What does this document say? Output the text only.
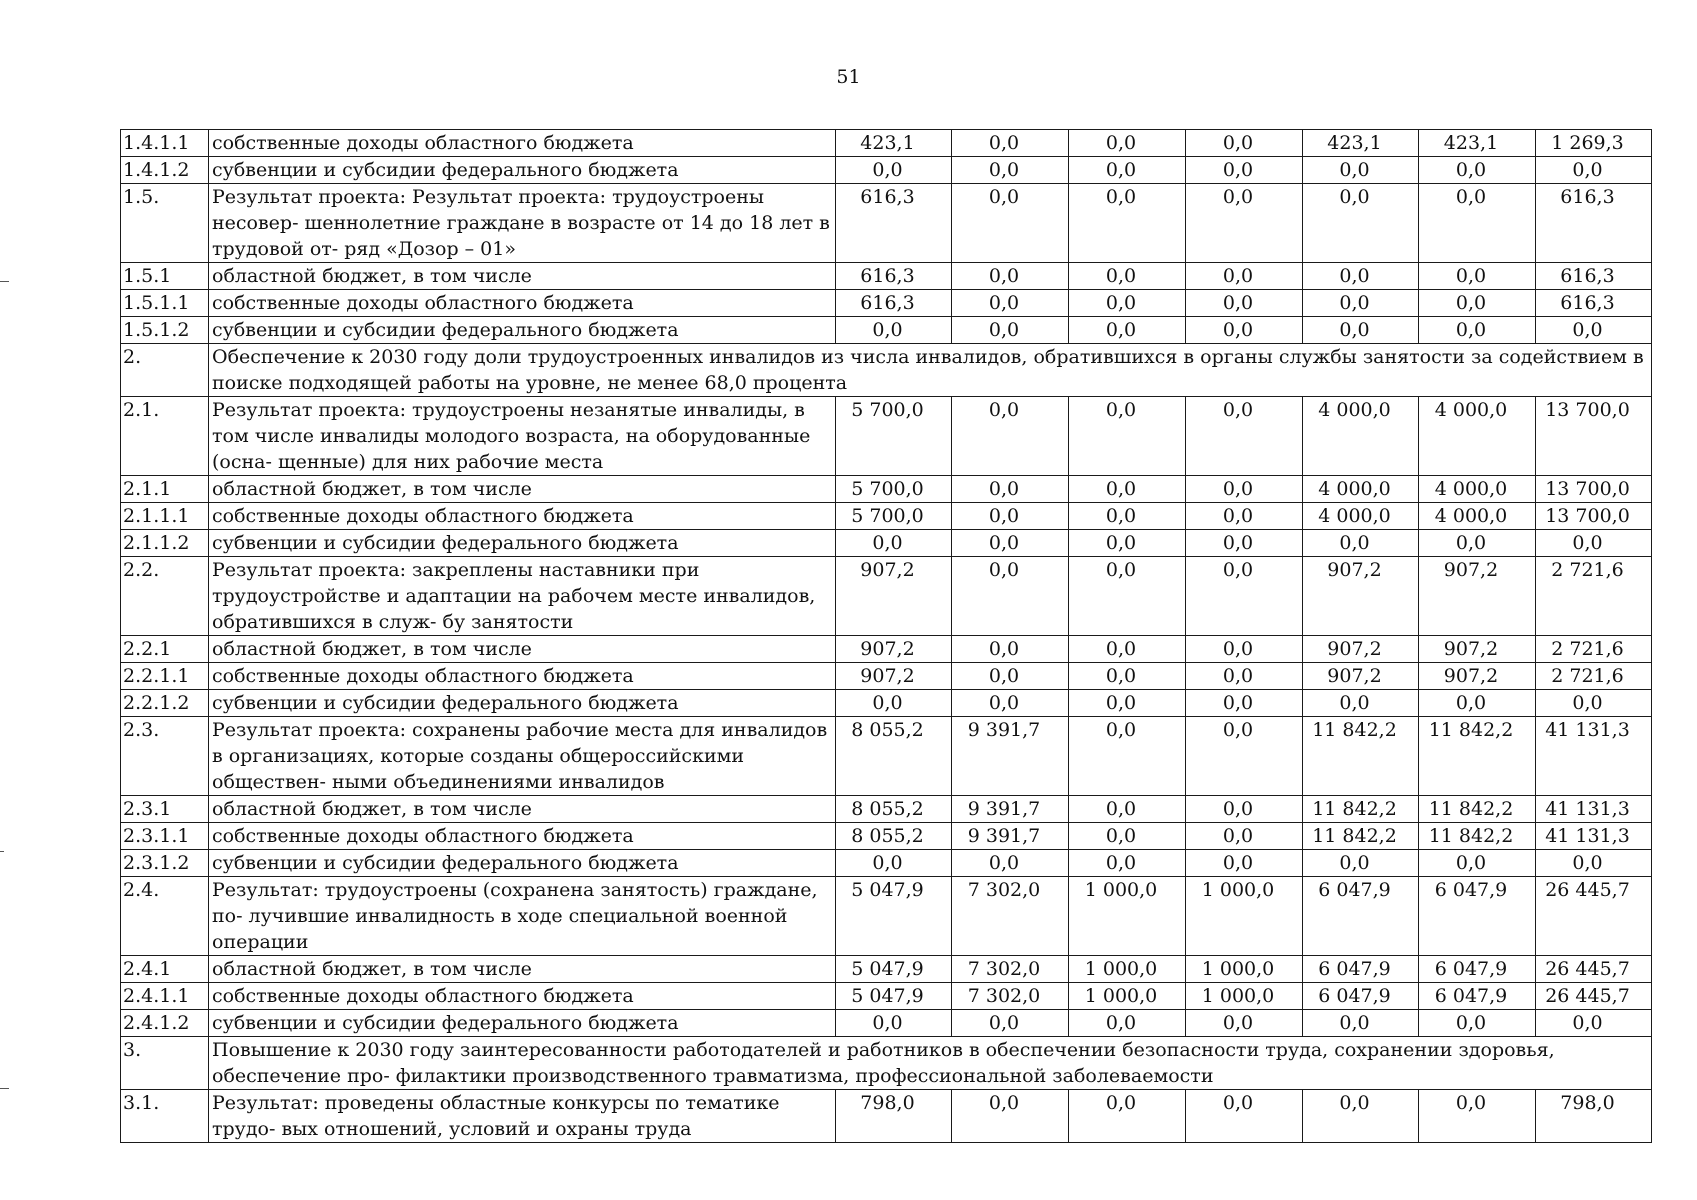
51
1.4.1.1	собственные доходы областного бюджета	423,1	0,0	0,0	0,0	423,1	423,1	1 269,3
1.4.1.2	субвенции и субсидии федерального бюджета	0,0	0,0	0,0	0,0	0,0	0,0	0,0
1.5.	Результат проекта: Результат проекта: трудоустроены несовер- шеннолетние граждане в возрасте от 14 до 18 лет в трудовой от- ряд «Дозор – 01»	616,3	0,0	0,0	0,0	0,0	0,0	616,3
1.5.1	областной бюджет, в том числе	616,3	0,0	0,0	0,0	0,0	0,0	616,3
1.5.1.1	собственные доходы областного бюджета	616,3	0,0	0,0	0,0	0,0	0,0	616,3
1.5.1.2	субвенции и субсидии федерального бюджета	0,0	0,0	0,0	0,0	0,0	0,0	0,0
2.	Обеспечение к 2030 году доли трудоустроенных инвалидов из числа инвалидов, обратившихся в органы службы занятости за содействием в поиске подходящей работы на уровне, не менее 68,0 процента							
2.1.	Результат проекта: трудоустроены незанятые инвалиды, в том числе инвалиды молодого возраста, на оборудованные (осна- щенные) для них рабочие места	5 700,0	0,0	0,0	0,0	4 000,0	4 000,0	13 700,0
2.1.1	областной бюджет, в том числе	5 700,0	0,0	0,0	0,0	4 000,0	4 000,0	13 700,0
2.1.1.1	собственные доходы областного бюджета	5 700,0	0,0	0,0	0,0	4 000,0	4 000,0	13 700,0
2.1.1.2	субвенции и субсидии федерального бюджета	0,0	0,0	0,0	0,0	0,0	0,0	0,0
2.2.	Результат проекта: закреплены наставники при трудоустройстве и адаптации на рабочем месте инвалидов, обратившихся в служ- бу занятости	907,2	0,0	0,0	0,0	907,2	907,2	2 721,6
2.2.1	областной бюджет, в том числе	907,2	0,0	0,0	0,0	907,2	907,2	2 721,6
2.2.1.1	собственные доходы областного бюджета	907,2	0,0	0,0	0,0	907,2	907,2	2 721,6
2.2.1.2	субвенции и субсидии федерального бюджета	0,0	0,0	0,0	0,0	0,0	0,0	0,0
2.3.	Результат проекта: сохранены рабочие места для инвалидов в организациях, которые созданы общероссийскими обществен- ными объединениями инвалидов	8 055,2	9 391,7	0,0	0,0	11 842,2	11 842,2	41 131,3
2.3.1	областной бюджет, в том числе	8 055,2	9 391,7	0,0	0,0	11 842,2	11 842,2	41 131,3
2.3.1.1	собственные доходы областного бюджета	8 055,2	9 391,7	0,0	0,0	11 842,2	11 842,2	41 131,3
2.3.1.2	субвенции и субсидии федерального бюджета	0,0	0,0	0,0	0,0	0,0	0,0	0,0
2.4.	Результат: трудоустроены (сохранена занятость) граждане, по- лучившие инвалидность в ходе специальной военной операции	5 047,9	7 302,0	1 000,0	1 000,0	6 047,9	6 047,9	26 445,7
2.4.1	областной бюджет, в том числе	5 047,9	7 302,0	1 000,0	1 000,0	6 047,9	6 047,9	26 445,7
2.4.1.1	собственные доходы областного бюджета	5 047,9	7 302,0	1 000,0	1 000,0	6 047,9	6 047,9	26 445,7
2.4.1.2	субвенции и субсидии федерального бюджета	0,0	0,0	0,0	0,0	0,0	0,0	0,0
3.	Повышение к 2030 году заинтересованности работодателей и работников в обеспечении безопасности труда, сохранении здоровья, обеспечение про- филактики производственного травматизма, профессиональной заболеваемости							
3.1.	Результат: проведены областные конкурсы по тематике трудо- вых отношений, условий и охраны труда	798,0	0,0	0,0	0,0	0,0	0,0	798,0
